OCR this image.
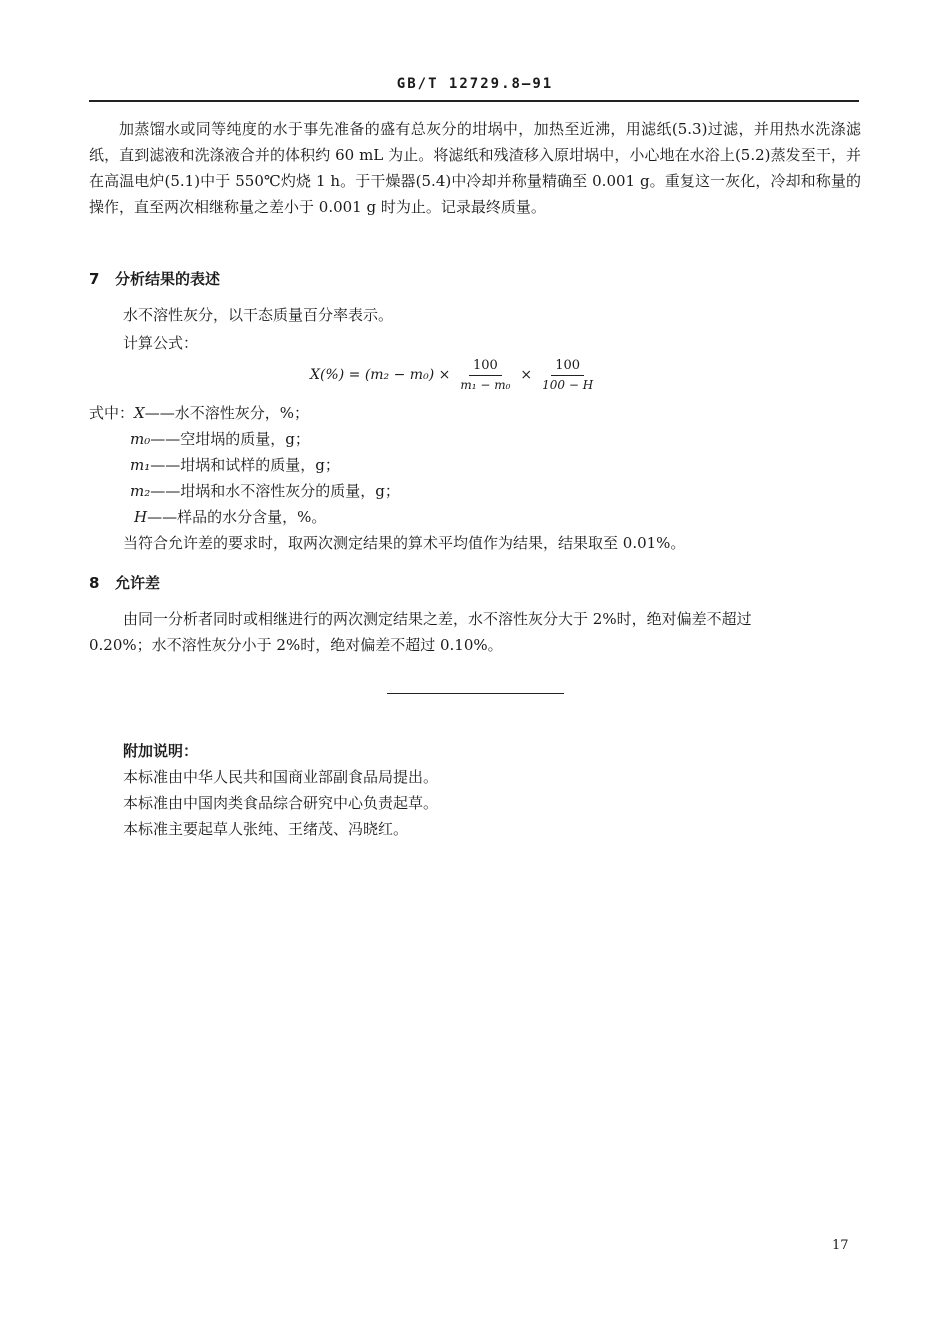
GB/T 12729.8—91
加蒸馏水或同等纯度的水于事先准备的盛有总灰分的坩埚中，加热至近沸，用滤纸(5.3)过滤，并用热水洗涤滤纸，直到滤液和洗涤液合并的体积约 60 mL 为止。将滤纸和残渣移入原坩埚中，小心地在水浴上(5.2)蒸发至干，并在高温电炉(5.1)中于 550℃灼烧 1 h。于干燥器(5.4)中冷却并称量精确至 0.001 g。重复这一灰化，冷却和称量的操作，直至两次相继称量之差小于 0.001 g 时为止。记录最终质量。
7 分析结果的表述
水不溶性灰分，以干态质量百分率表示。
计算公式：
$X(\%) = (m_2 - m_0) \times \frac{100}{\text{m₁ − m₀}} \times \frac{100}{100 - H}$
式中：X——水不溶性灰分，%；
m₀——空坩埚的质量，g；
m₁——坩埚和试样的质量，g；
m₂——坩埚和水不溶性灰分的质量，g；
H——样品的水分含量，%。
当符合允许差的要求时，取两次测定结果的算术平均值作为结果，结果取至 0.01%。
8 允许差
由同一分析者同时或相继进行的两次测定结果之差，水不溶性灰分大于 2%时，绝对偏差不超过
0.20%；水不溶性灰分小于 2%时，绝对偏差不超过 0.10%。
附加说明：
本标准由中华人民共和国商业部副食品局提出。
本标准由中国肉类食品综合研究中心负责起草。
本标准主要起草人张纯、王绪茂、冯晓红。
17
